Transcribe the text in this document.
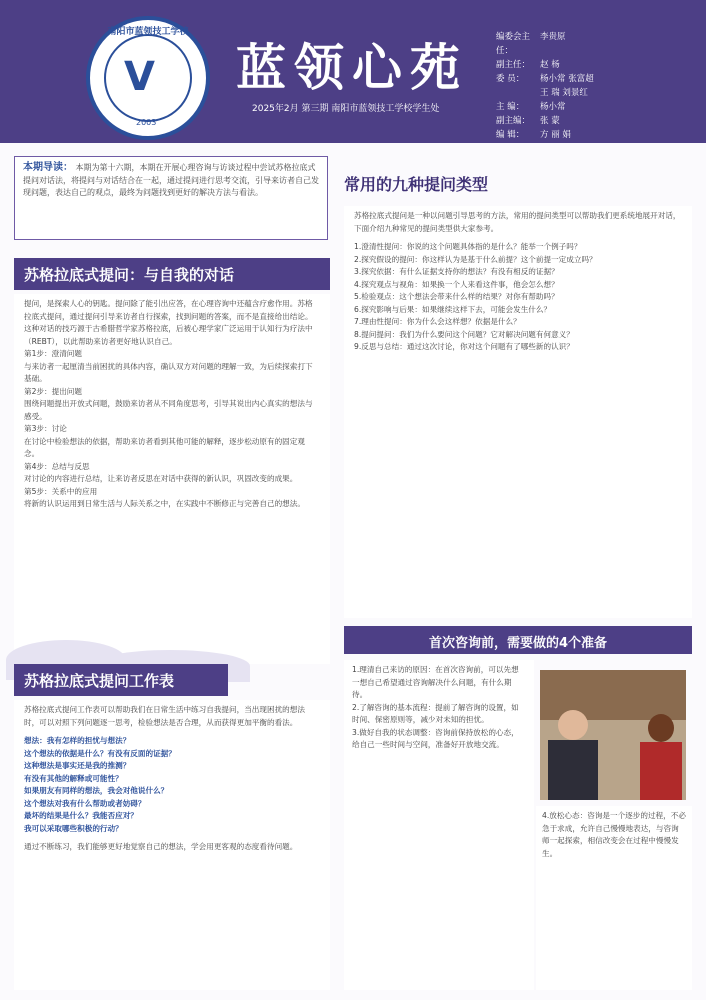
南阳市蓝领技工学校
V
2003
蓝领心苑
2025年2月 第三期 南阳市蓝领技工学校学生处
编委会主任：
李贵原
副主任：	赵 杨
委 员：	杨小常 张富超
王 瑞 刘景红
主 编：	杨小常
副主编：	张 蒙
编 辑：	方 丽 娟
本期导读： 本期为第十六期，本期在开展心理咨询与访谈过程中尝试苏格拉底式提问对话法，将提问与对话结合在一起，通过提问进行思考交流，引导来访者自己发现问题，表达自己的观点，最终为问题找到更好的解决方法与看法。
苏格拉底式提问：与自我的对话

提问，是探索人心的钥匙。提问除了能引出应答，在心理咨询中还蕴含疗愈作用。苏格拉底式提问，通过提问引导来访者自行探索，找到问题的答案，而不是直接给出结论。这种对话的技巧源于古希腊哲学家苏格拉底，后被心理学家广泛运用于认知行为疗法中（REBT），以此帮助来访者更好地认识自己。

第1步：澄清问题

与来访者一起厘清当前困扰的具体内容，确认双方对问题的理解一致，为后续探索打下基础。

第2步：提出问题

围绕问题提出开放式问题，鼓励来访者从不同角度思考，引导其说出内心真实的想法与感受。

第3步：讨论

在讨论中检验想法的依据，帮助来访者看到其他可能的解释，逐步松动原有的固定观念。

第4步：总结与反思

对讨论的内容进行总结，让来访者反思在对话中获得的新认识，巩固改变的成果。

第5步：关系中的应用

将新的认识运用到日常生活与人际关系之中，在实践中不断修正与完善自己的想法。

常用的九种提问类型

苏格拉底式提问是一种以问题引导思考的方法，常用的提问类型可以帮助我们更系统地展开对话，下面介绍九种常见的提问类型供大家参考。

1.澄清性提问：你说的这个问题具体指的是什么？能举一个例子吗？

2.探究假设的提问：你这样认为是基于什么前提？这个前提一定成立吗？

3.探究依据：有什么证据支持你的想法？有没有相反的证据？

4.探究观点与视角：如果换一个人来看这件事，他会怎么想？

5.检验观点：这个想法会带来什么样的结果？对你有帮助吗？

6.探究影响与后果：如果继续这样下去，可能会发生什么？

7.理由性提问：你为什么会这样想？依据是什么？

8.提问提问：我们为什么要问这个问题？它对解决问题有何意义？

9.反思与总结：通过这次讨论，你对这个问题有了哪些新的认识？

苏格拉底式提问工作表

苏格拉底式提问工作表可以帮助我们在日常生活中练习自我提问，当出现困扰的想法时，可以对照下列问题逐一思考，检验想法是否合理，从而获得更加平衡的看法。

想法：我有怎样的担忧与想法？

这个想法的依据是什么？有没有反面的证据？

这种想法是事实还是我的推测？

有没有其他的解释或可能性？

如果朋友有同样的想法，我会对他说什么？

这个想法对我有什么帮助或者妨碍？

最坏的结果是什么？我能否应对？

我可以采取哪些积极的行动？

通过不断练习，我们能够更好地觉察自己的想法，学会用更客观的态度看待问题。

首次咨询前，需要做的4个准备

1.理清自己来访的原因：在首次咨询前，可以先想一想自己希望通过咨询解决什么问题，有什么期待。

2.了解咨询的基本流程：提前了解咨询的设置，如时间、保密原则等，减少对未知的担忧。

3.做好自我的状态调整：咨询前保持放松的心态，给自己一些时间与空间，准备好开放地交流。

4.放松心态：咨询是一个逐步的过程，不必急于求成，允许自己慢慢地表达，与咨询师一起探索，相信改变会在过程中慢慢发生。
